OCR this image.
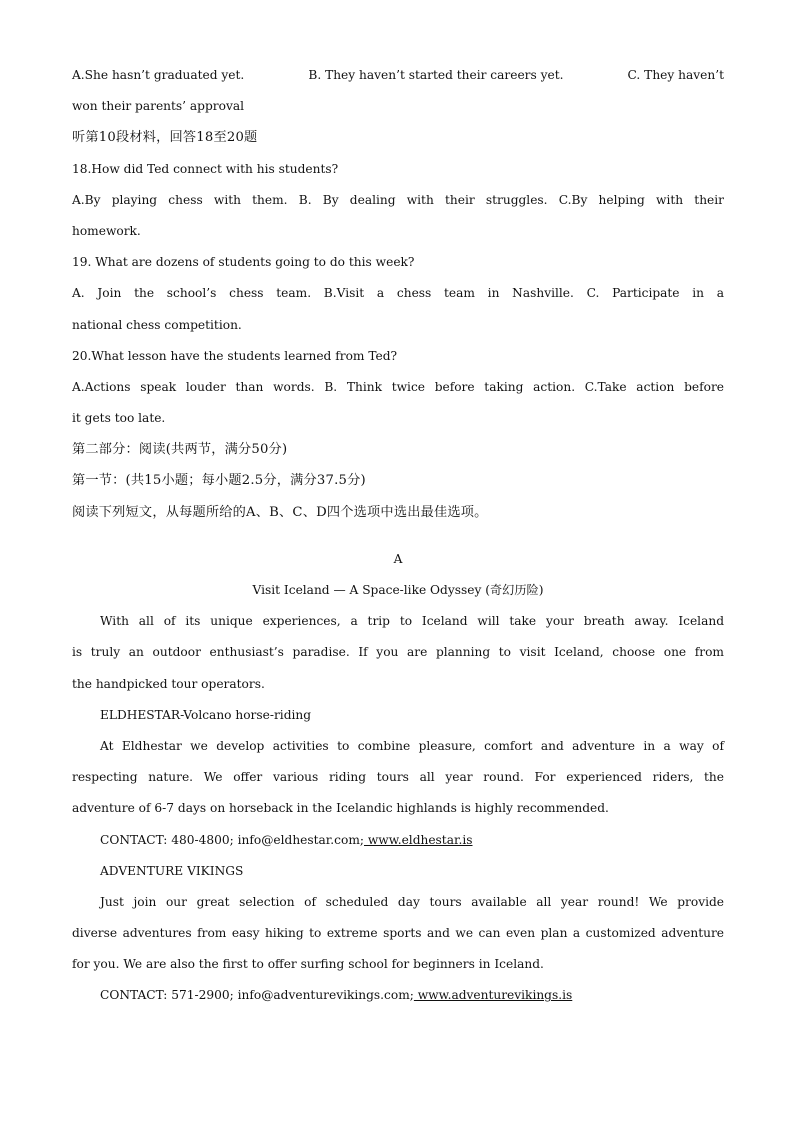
A.She hasn’t graduated yet.	B. They haven’t started their careers yet.	C. They haven’t
won their parents’ approval
听第10段材料，回答18至20题
18.How did Ted connect with his students?
A.By playing chess with them. B. By dealing with their struggles. C.By helping with their
homework.
19. What are dozens of students going to do this week?
A. Join the school’s chess team. B.Visit a chess team in Nashville. C. Participate in a
national chess competition.
20.What lesson have the students learned from Ted?
A.Actions speak louder than words. B. Think twice before taking action. C.Take action before
it gets too late.
第二部分：阅读(共两节，满分50分)
第一节：(共15小题；每小题2.5分，满分37.5分)
阅读下列短文，从每题所给的A、B、C、D四个选项中选出最佳选项。
A
Visit Iceland — A Space-like Odyssey (奇幻历险)
With all of its unique experiences, a trip to Iceland will take your breath away. Iceland
is truly an outdoor enthusiast’s paradise. If you are planning to visit Iceland, choose one from
the handpicked tour operators.
ELDHESTAR-Volcano horse-riding
At Eldhestar we develop activities to combine pleasure, comfort and adventure in a way of
respecting nature. We offer various riding tours all year round. For experienced riders, the
adventure of 6-7 days on horseback in the Icelandic highlands is highly recommended.
CONTACT: 480-4800; info@eldhestar.com; www.eldhestar.is
ADVENTURE VIKINGS
Just join our great selection of scheduled day tours available all year round! We provide
diverse adventures from easy hiking to extreme sports and we can even plan a customized adventure
for you. We are also the first to offer surfing school for beginners in Iceland.
CONTACT: 571-2900; info@adventurevikings.com; www.adventurevikings.is
